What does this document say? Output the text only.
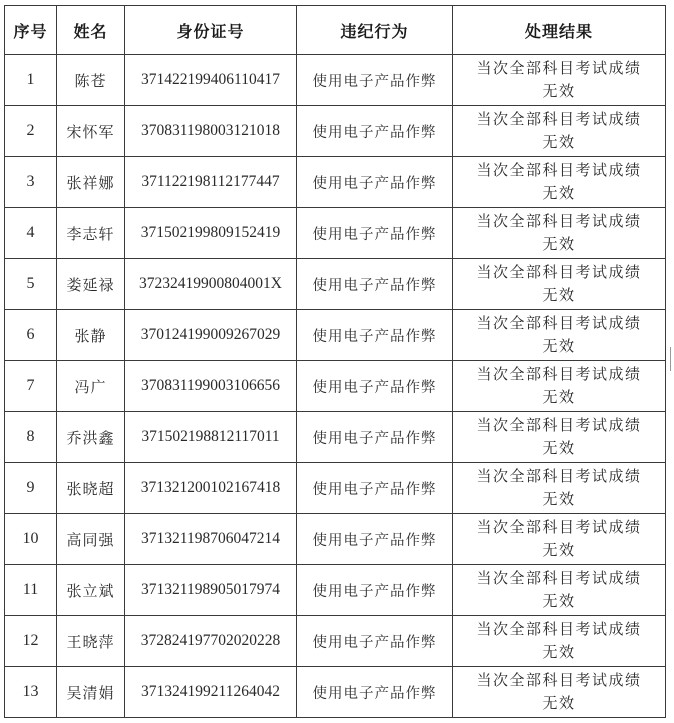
序号	姓名	身份证号	违纪行为	处理结果
1	陈苍	371422199406110417	使用电子产品作弊	当次全部科目考试成绩
无效

2	宋怀军	370831198003121018	使用电子产品作弊	当次全部科目考试成绩
无效

3	张祥娜	371122198112177447	使用电子产品作弊	当次全部科目考试成绩
无效

4	李志轩	371502199809152419	使用电子产品作弊	当次全部科目考试成绩
无效

5	娄延禄	37232419900804001X	使用电子产品作弊	当次全部科目考试成绩
无效

6	张静	370124199009267029	使用电子产品作弊	当次全部科目考试成绩
无效

7	冯广	370831199003106656	使用电子产品作弊	当次全部科目考试成绩
无效

8	乔洪鑫	371502198812117011	使用电子产品作弊	当次全部科目考试成绩
无效

9	张晓超	371321200102167418	使用电子产品作弊	当次全部科目考试成绩
无效

10	高同强	371321198706047214	使用电子产品作弊	当次全部科目考试成绩
无效

11	张立斌	371321198905017974	使用电子产品作弊	当次全部科目考试成绩
无效

12	王晓萍	372824197702020228	使用电子产品作弊	当次全部科目考试成绩
无效

13	吴清娟	371324199211264042	使用电子产品作弊	当次全部科目考试成绩
无效
